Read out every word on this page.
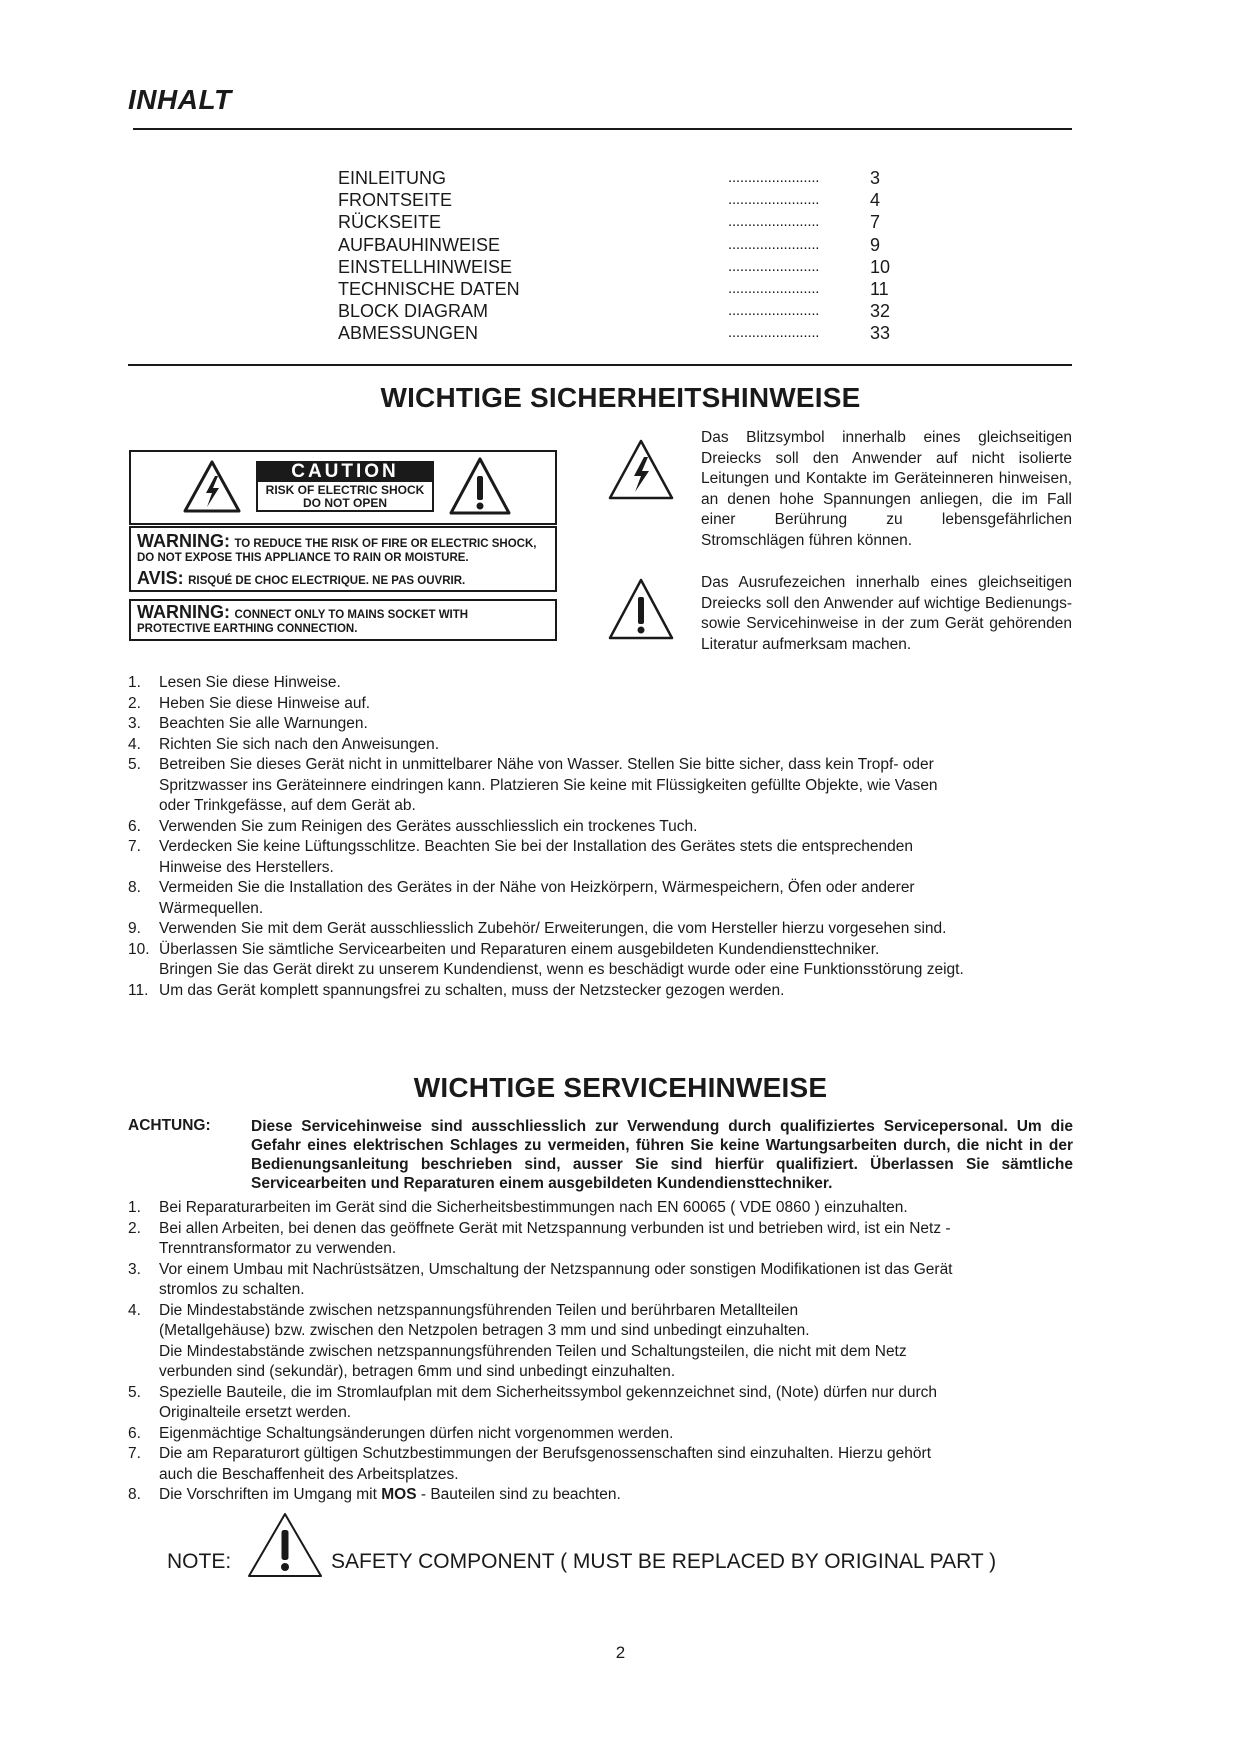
INHALT
EINLEITUNG	.......................	3
FRONTSEITE	.......................	4
RÜCKSEITE	.......................	7
AUFBAUHINWEISE	.......................	9
EINSTELLHINWEISE	.......................	10
TECHNISCHE DATEN	.......................	11
BLOCK DIAGRAM	.......................	32
ABMESSUNGEN	.......................	33
WICHTIGE SICHERHEITSHINWEISE
CAUTION
RISK OF ELECTRIC SHOCK
DO NOT OPEN
WARNING: TO REDUCE THE RISK OF FIRE OR ELECTRIC SHOCK,
DO NOT EXPOSE THIS APPLIANCE TO RAIN OR MOISTURE.
AVIS: RISQUÉ DE CHOC ELECTRIQUE. NE PAS OUVRIR.
WARNING: CONNECT ONLY TO MAINS SOCKET WITH
PROTECTIVE EARTHING CONNECTION.

Das Blitzsymbol innerhalb eines gleichseitigen Dreiecks soll den Anwender auf nicht isolierte Leitungen und Kontakte im Geräteinneren hinweisen, an denen hohe Spannungen anliegen, die im Fall einer Berührung zu lebensgefährlichen Stromschlägen führen können.

Das Ausrufezeichen innerhalb eines gleichseitigen Dreiecks soll den Anwender auf wichtige Bedienungs- sowie Servicehinweise in der zum Gerät gehörenden Literatur aufmerksam machen.

1. Lesen Sie diese Hinweise.
2. Heben Sie diese Hinweise auf.
3. Beachten Sie alle Warnungen.
4. Richten Sie sich nach den Anweisungen.
5. Betreiben Sie dieses Gerät nicht in unmittelbarer Nähe von Wasser. Stellen Sie bitte sicher, dass kein Tropf- oder
Spritzwasser ins Geräteinnere eindringen kann. Platzieren Sie keine mit Flüssigkeiten gefüllte Objekte, wie Vasen
oder Trinkgefässe, auf dem Gerät ab.
6. Verwenden Sie zum Reinigen des Gerätes ausschliesslich ein trockenes Tuch.
7. Verdecken Sie keine Lüftungsschlitze. Beachten Sie bei der Installation des Gerätes stets die entsprechenden
Hinweise des Herstellers.
8. Vermeiden Sie die Installation des Gerätes in der Nähe von Heizkörpern, Wärmespeichern, Öfen oder anderer
Wärmequellen.
9. Verwenden Sie mit dem Gerät ausschliesslich Zubehör/ Erweiterungen, die vom Hersteller hierzu vorgesehen sind.
10. Überlassen Sie sämtliche Servicearbeiten und Reparaturen einem ausgebildeten Kundendiensttechniker.
Bringen Sie das Gerät direkt zu unserem Kundendienst, wenn es beschädigt wurde oder eine Funktionsstörung zeigt.
11. Um das Gerät komplett spannungsfrei zu schalten, muss der Netzstecker gezogen werden.
WICHTIGE SERVICEHINWEISE
ACHTUNG:	Diese Servicehinweise sind ausschliesslich zur Verwendung durch qualifiziertes Servicepersonal. Um die Gefahr eines elektrischen Schlages zu vermeiden, führen Sie keine Wartungsarbeiten durch, die nicht in der Bedienungsanleitung beschrieben sind, ausser Sie sind hierfür qualifiziert. Überlassen Sie sämtliche Servicearbeiten und Reparaturen einem ausgebildeten Kundendiensttechniker.

1. Bei Reparaturarbeiten im Gerät sind die Sicherheitsbestimmungen nach EN 60065 ( VDE 0860 ) einzuhalten.
2. Bei allen Arbeiten, bei denen das geöffnete Gerät mit Netzspannung verbunden ist und betrieben wird, ist ein Netz -
Trenntransformator zu verwenden.
3. Vor einem Umbau mit Nachrüstsätzen, Umschaltung der Netzspannung oder sonstigen Modifikationen ist das Gerät
stromlos zu schalten.
4. Die Mindestabstände zwischen netzspannungsführenden Teilen und berührbaren Metallteilen
(Metallgehäuse) bzw. zwischen den Netzpolen betragen 3 mm und sind unbedingt einzuhalten.
Die Mindestabstände zwischen netzspannungsführenden Teilen und Schaltungsteilen, die nicht mit dem Netz
verbunden sind (sekundär), betragen 6mm und sind unbedingt einzuhalten.
5. Spezielle Bauteile, die im Stromlaufplan mit dem Sicherheitssymbol gekennzeichnet sind, (Note) dürfen nur durch
Originalteile ersetzt werden.
6. Eigenmächtige Schaltungsänderungen dürfen nicht vorgenommen werden.
7. Die am Reparaturort gültigen Schutzbestimmungen der Berufsgenossenschaften sind einzuhalten. Hierzu gehört
auch die Beschaffenheit des Arbeitsplatzes.
8. Die Vorschriften im Umgang mit MOS - Bauteilen sind zu beachten.
NOTE:	SAFETY COMPONENT ( MUST BE REPLACED BY ORIGINAL PART )
2
